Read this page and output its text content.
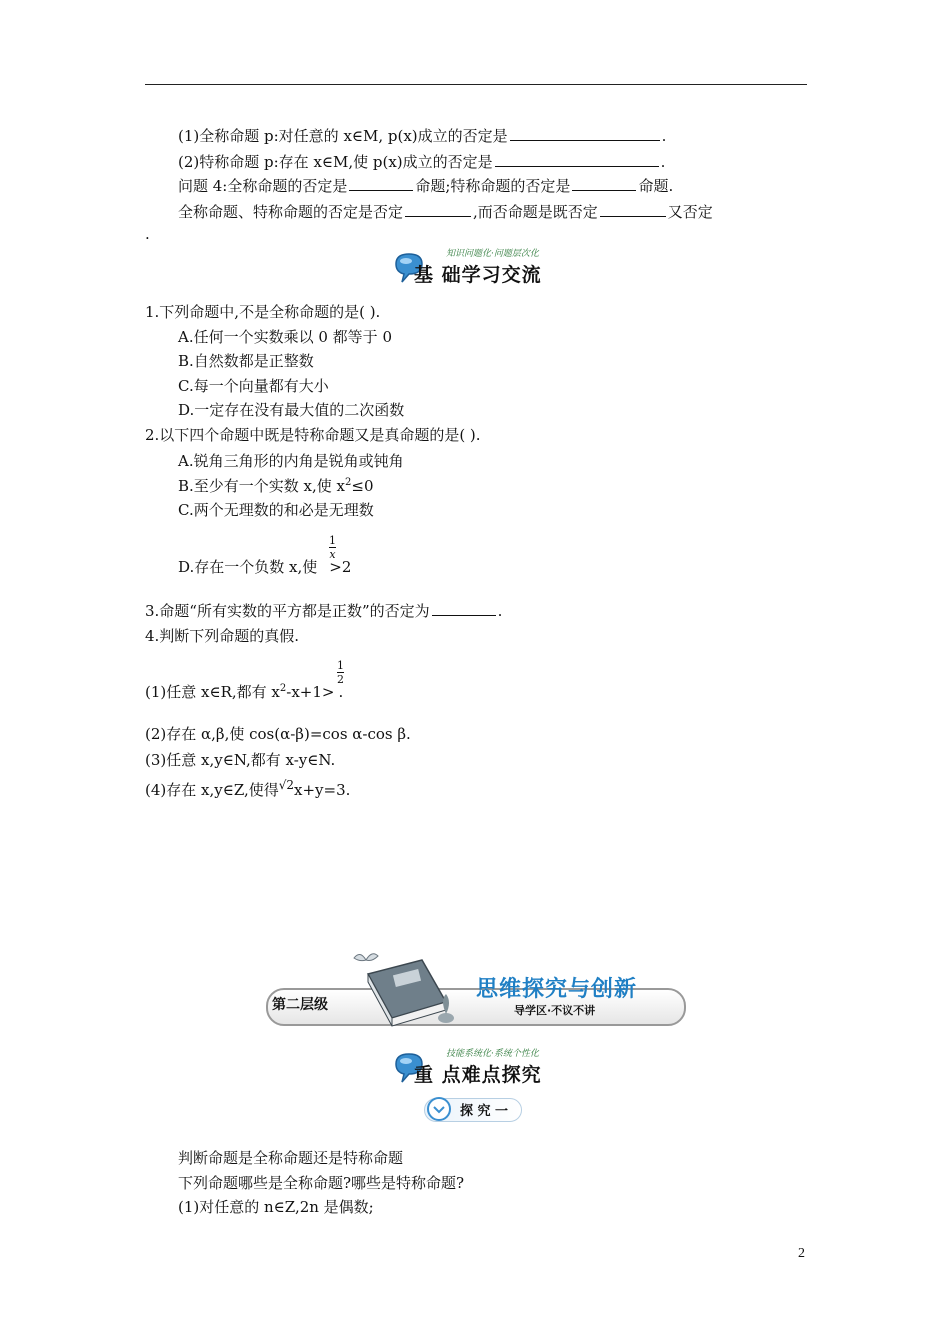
(1)全称命题 p:对任意的 x∈M, p(x)成立的否定是	.
(2)特称命题 p:存在 x∈M,使 p(x)成立的否定是	.
问题 4:全称命题的否定是	命题;特称命题的否定是	命题.
全称命题、特称命题的否定是否定	,而否命题是既否定	又否定
.
知识问题化·问题层次化
基 础学习交流
1.下列命题中,不是全称命题的是( ).
A.任何一个实数乘以 0 都等于 0
B.自然数都是正整数
C.每一个向量都有大小
D.一定存在没有最大值的二次函数
2.以下四个命题中既是特称命题又是真命题的是( ).
A.锐角三角形的内角是锐角或钝角
B.至少有一个实数 x,使 $x^2\le 0$
C.两个无理数的和必是无理数
D.存在一个负数 x,使 >2
1
x
3.命题“所有实数的平方都是正数”的否定为	.
4.判断下列命题的真假.
(1)任意 x∈R,都有 $x^2-x+1>$ .
1
2
(2)存在 α,β,使 cos(α-β)=cos α-cos β.
(3)任意 x,y∈N,都有 x-y∈N.
(4)存在 x,y∈Z,使得$^{√2}$x+y=3.
第二层级
思维探究与创新
导学区·不议不讲
技能系统化·系统个性化
重 点难点探究
探 究 一
判断命题是全称命题还是特称命题
下列命题哪些是全称命题?哪些是特称命题?
(1)对任意的 n∈Z,2n 是偶数;
2
